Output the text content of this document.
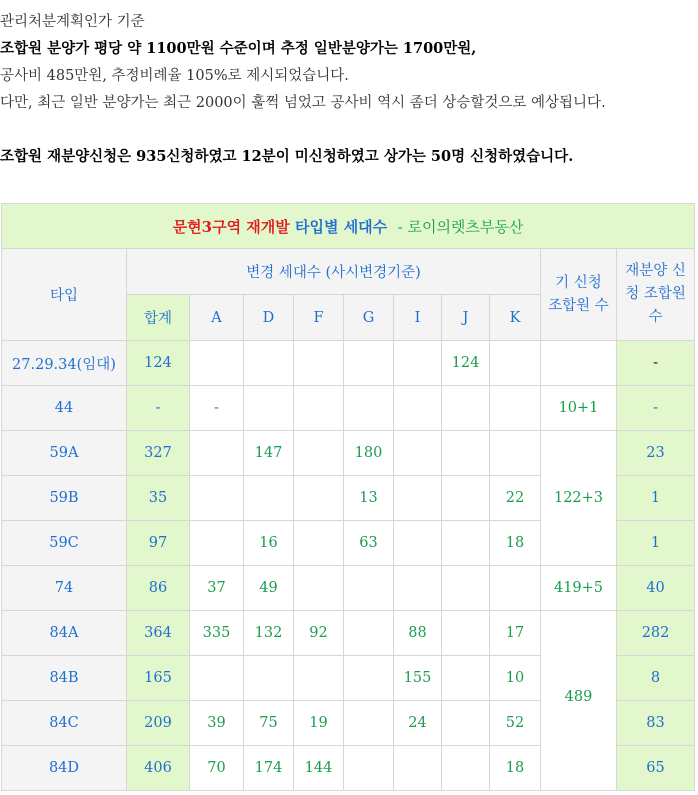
관리처분계획인가 기준
조합원 분양가 평당 약 1100만원 수준이며 추정 일반분양가는 1700만원,
공사비 485만원, 추정비례율 105%로 제시되었습니다.
다만, 최근 일반 분양가는 최근 2000이 훌쩍 넘었고 공사비 역시 좀더 상승할것으로 예상됩니다.
조합원 재분양신청은 935신청하였고 12분이 미신청하였고 상가는 50명 신청하였습니다.
문현3구역 재개발 타입별 세대수 - 로이의렛츠부동산										
타입	변경 세대수 (사시변경기준)								기 신청 조합원 수	재분양 신청 조합원수
	합계	A	D	F	G	I	J	K		
27.29.34(임대)	124						124			-
44	-	-							10+1	-
59A	327		147		180				122+3	23
59B	35				13			22		1
59C	97		16		63			18		1
74	86	37	49						419+5	40
84A	364	335	132	92		88		17	489	282
84B	165					155		10		8
84C	209	39	75	19		24		52		83
84D	406	70	174	144				18		65
